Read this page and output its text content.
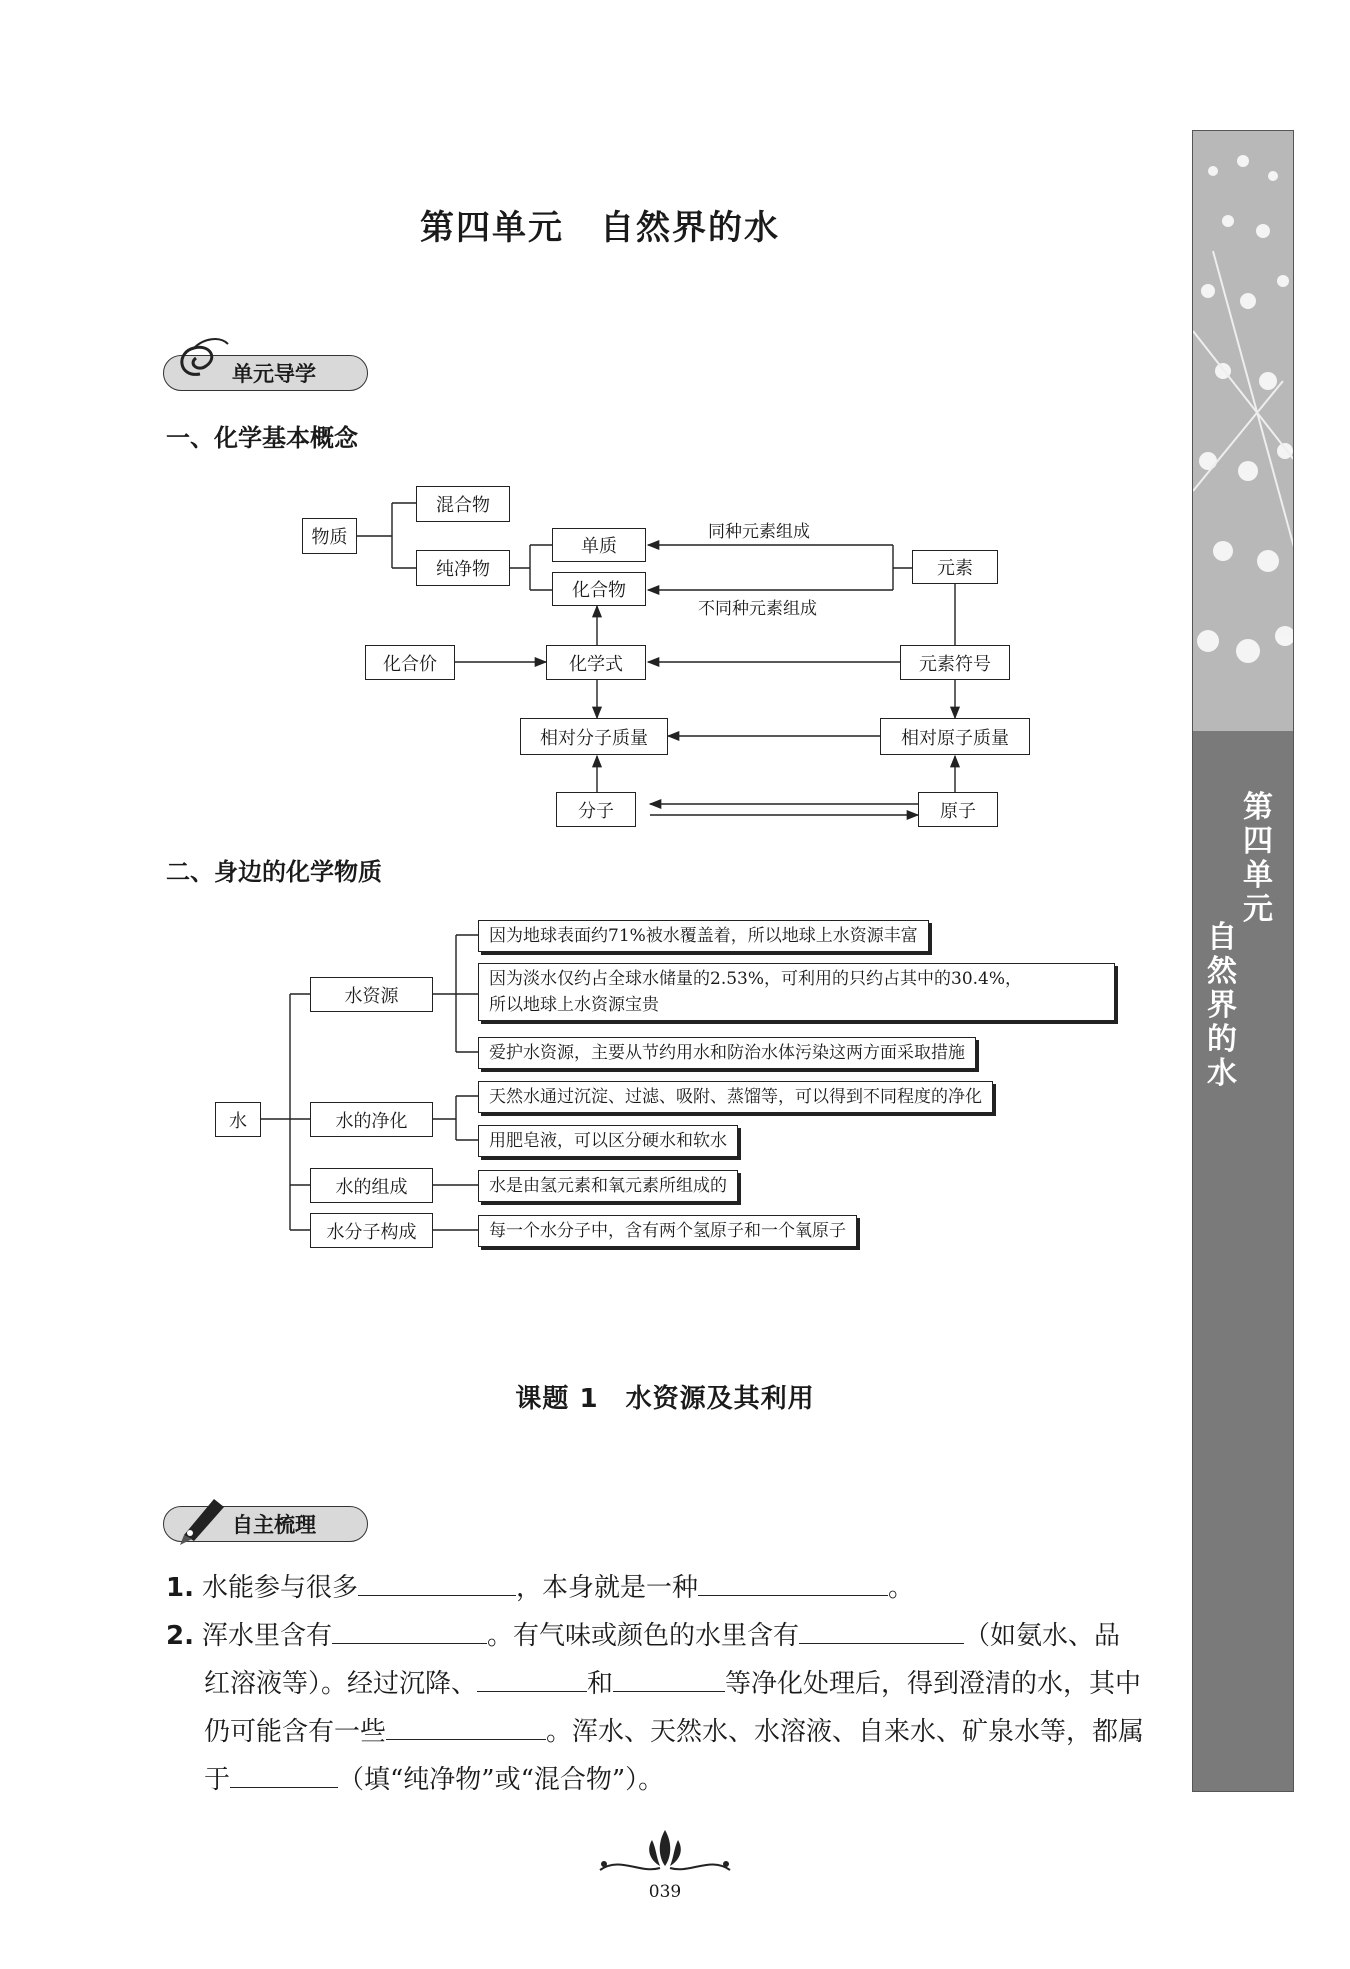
第四单元　自然界的水
单元导学
一、化学基本概念
物质
混合物
纯净物
单质
化合物
元素
同种元素组成
不同种元素组成
化合价	化学式	元素符号
相对分子质量	相对原子质量
分子	原子
二、身边的化学物质
水
水资源
水的净化
水的组成
水分子构成
因为地球表面约71%被水覆盖着，所以地球上水资源丰富
因为淡水仅约占全球水储量的2.53%，可利用的只约占其中的30.4%，
所以地球上水资源宝贵
爱护水资源，主要从节约用水和防治水体污染这两方面采取措施
天然水通过沉淀、过滤、吸附、蒸馏等，可以得到不同程度的净化
用肥皂液，可以区分硬水和软水
水是由氢元素和氧元素所组成的
每一个水分子中，含有两个氢原子和一个氧原子
课题 1　水资源及其利用
自主梳理
1. 水能参与很多	，本身就是一种	。
2. 浑水里含有	。有气味或颜色的水里含有	（如氨水、品
红溶液等）。经过沉降、	和	等净化处理后，得到澄清的水，其中
仍可能含有一些	。浑水、天然水、水溶液、自来水、矿泉水等，都属
于	（填“纯净物”或“混合物”）。
第四单元
自然界的水
039
